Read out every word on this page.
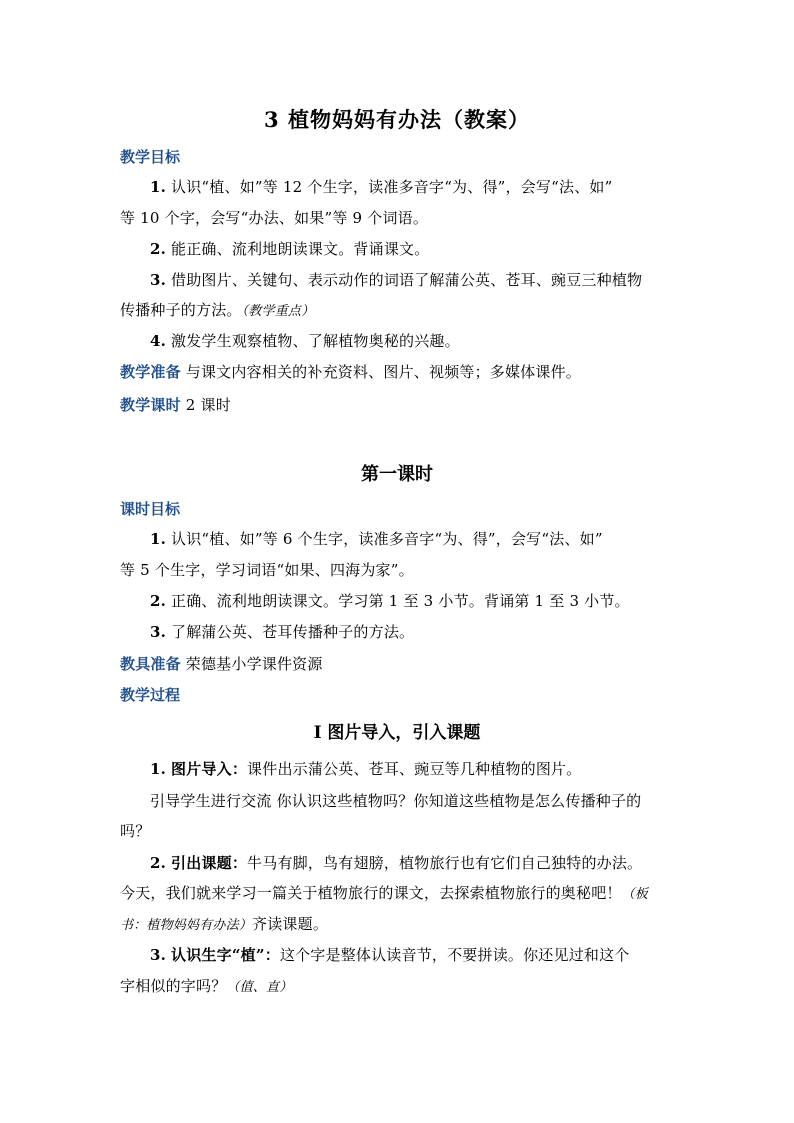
3 植物妈妈有办法（教案）
教学目标
1. 认识“植、如”等 12 个生字，读准多音字“为、得”，会写“法、如”
等 10 个字，会写“办法、如果”等 9 个词语。
2. 能正确、流利地朗读课文。背诵课文。
3. 借助图片、关键句、表示动作的词语了解蒲公英、苍耳、豌豆三种植物
传播种子的方法。（教学重点）
4. 激发学生观察植物、了解植物奥秘的兴趣。
教学准备 与课文内容相关的补充资料、图片、视频等；多媒体课件。
教学课时 2 课时
第一课时
课时目标
1. 认识“植、如”等 6 个生字，读准多音字“为、得”，会写“法、如”
等 5 个生字，学习词语“如果、四海为家”。
2. 正确、流利地朗读课文。学习第 1 至 3 小节。背诵第 1 至 3 小节。
3. 了解蒲公英、苍耳传播种子的方法。
教具准备 荣德基小学课件资源
教学过程
Ⅰ 图片导入，引入课题
1. 图片导入：课件出示蒲公英、苍耳、豌豆等几种植物的图片。
引导学生进行交流 你认识这些植物吗？你知道这些植物是怎么传播种子的
吗？
2. 引出课题：牛马有脚，鸟有翅膀，植物旅行也有它们自己独特的办法。
今天，我们就来学习一篇关于植物旅行的课文，去探索植物旅行的奥秘吧！（板
书：植物妈妈有办法）齐读课题。
3. 认识生字“植”：这个字是整体认读音节，不要拼读。你还见过和这个
字相似的字吗？（值、直）
